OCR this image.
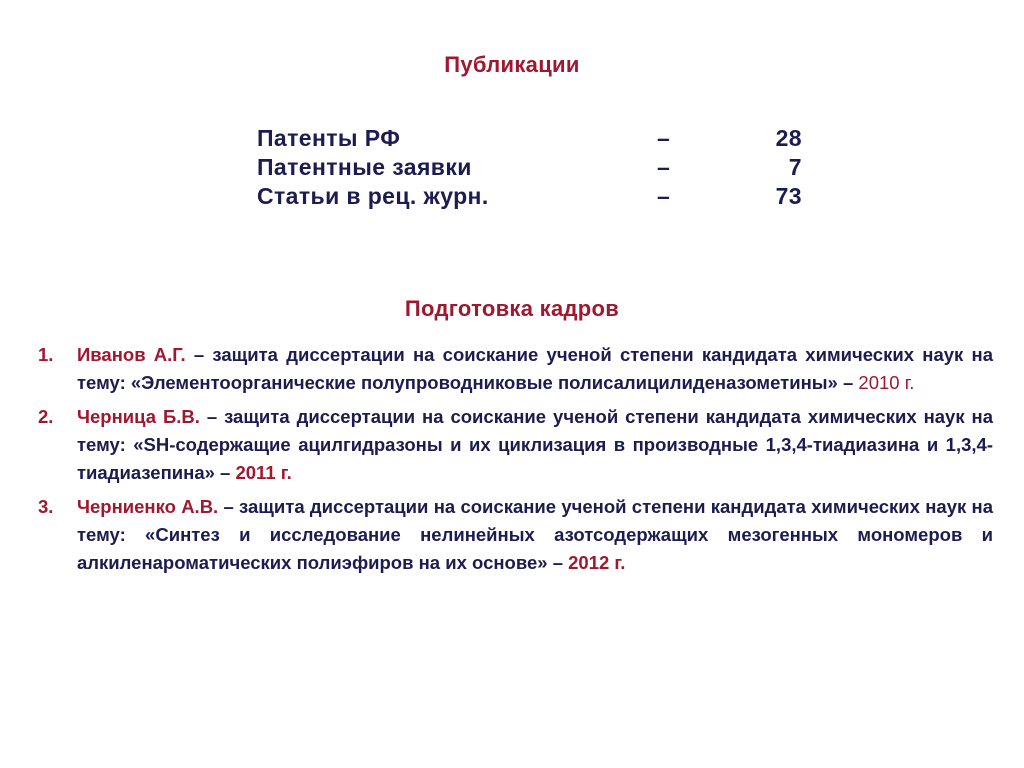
Публикации
Патенты РФ	–	28
Патентные заявки	–	7
Статьи в рец. журн.	–	73
Подготовка кадров
1. Иванов А.Г. – защита диссертации на соискание ученой степени кандидата химических наук на тему: «Элементоорганические полупроводниковые полисалицилиденазометины» – 2010 г.
2. Черница Б.В. – защита диссертации на соискание ученой степени кандидата химических наук на тему: «SH-содержащие ацилгидразоны и их циклизация в производные 1,3,4-тиадиазина и 1,3,4-тиадиазепина» – 2011 г.
3. Черниенко А.В. – защита диссертации на соискание ученой степени кандидата химических наук на тему: «Синтез и исследование нелинейных азотсодержащих мезогенных мономеров и алкиленароматических полиэфиров на их основе» – 2012 г.
